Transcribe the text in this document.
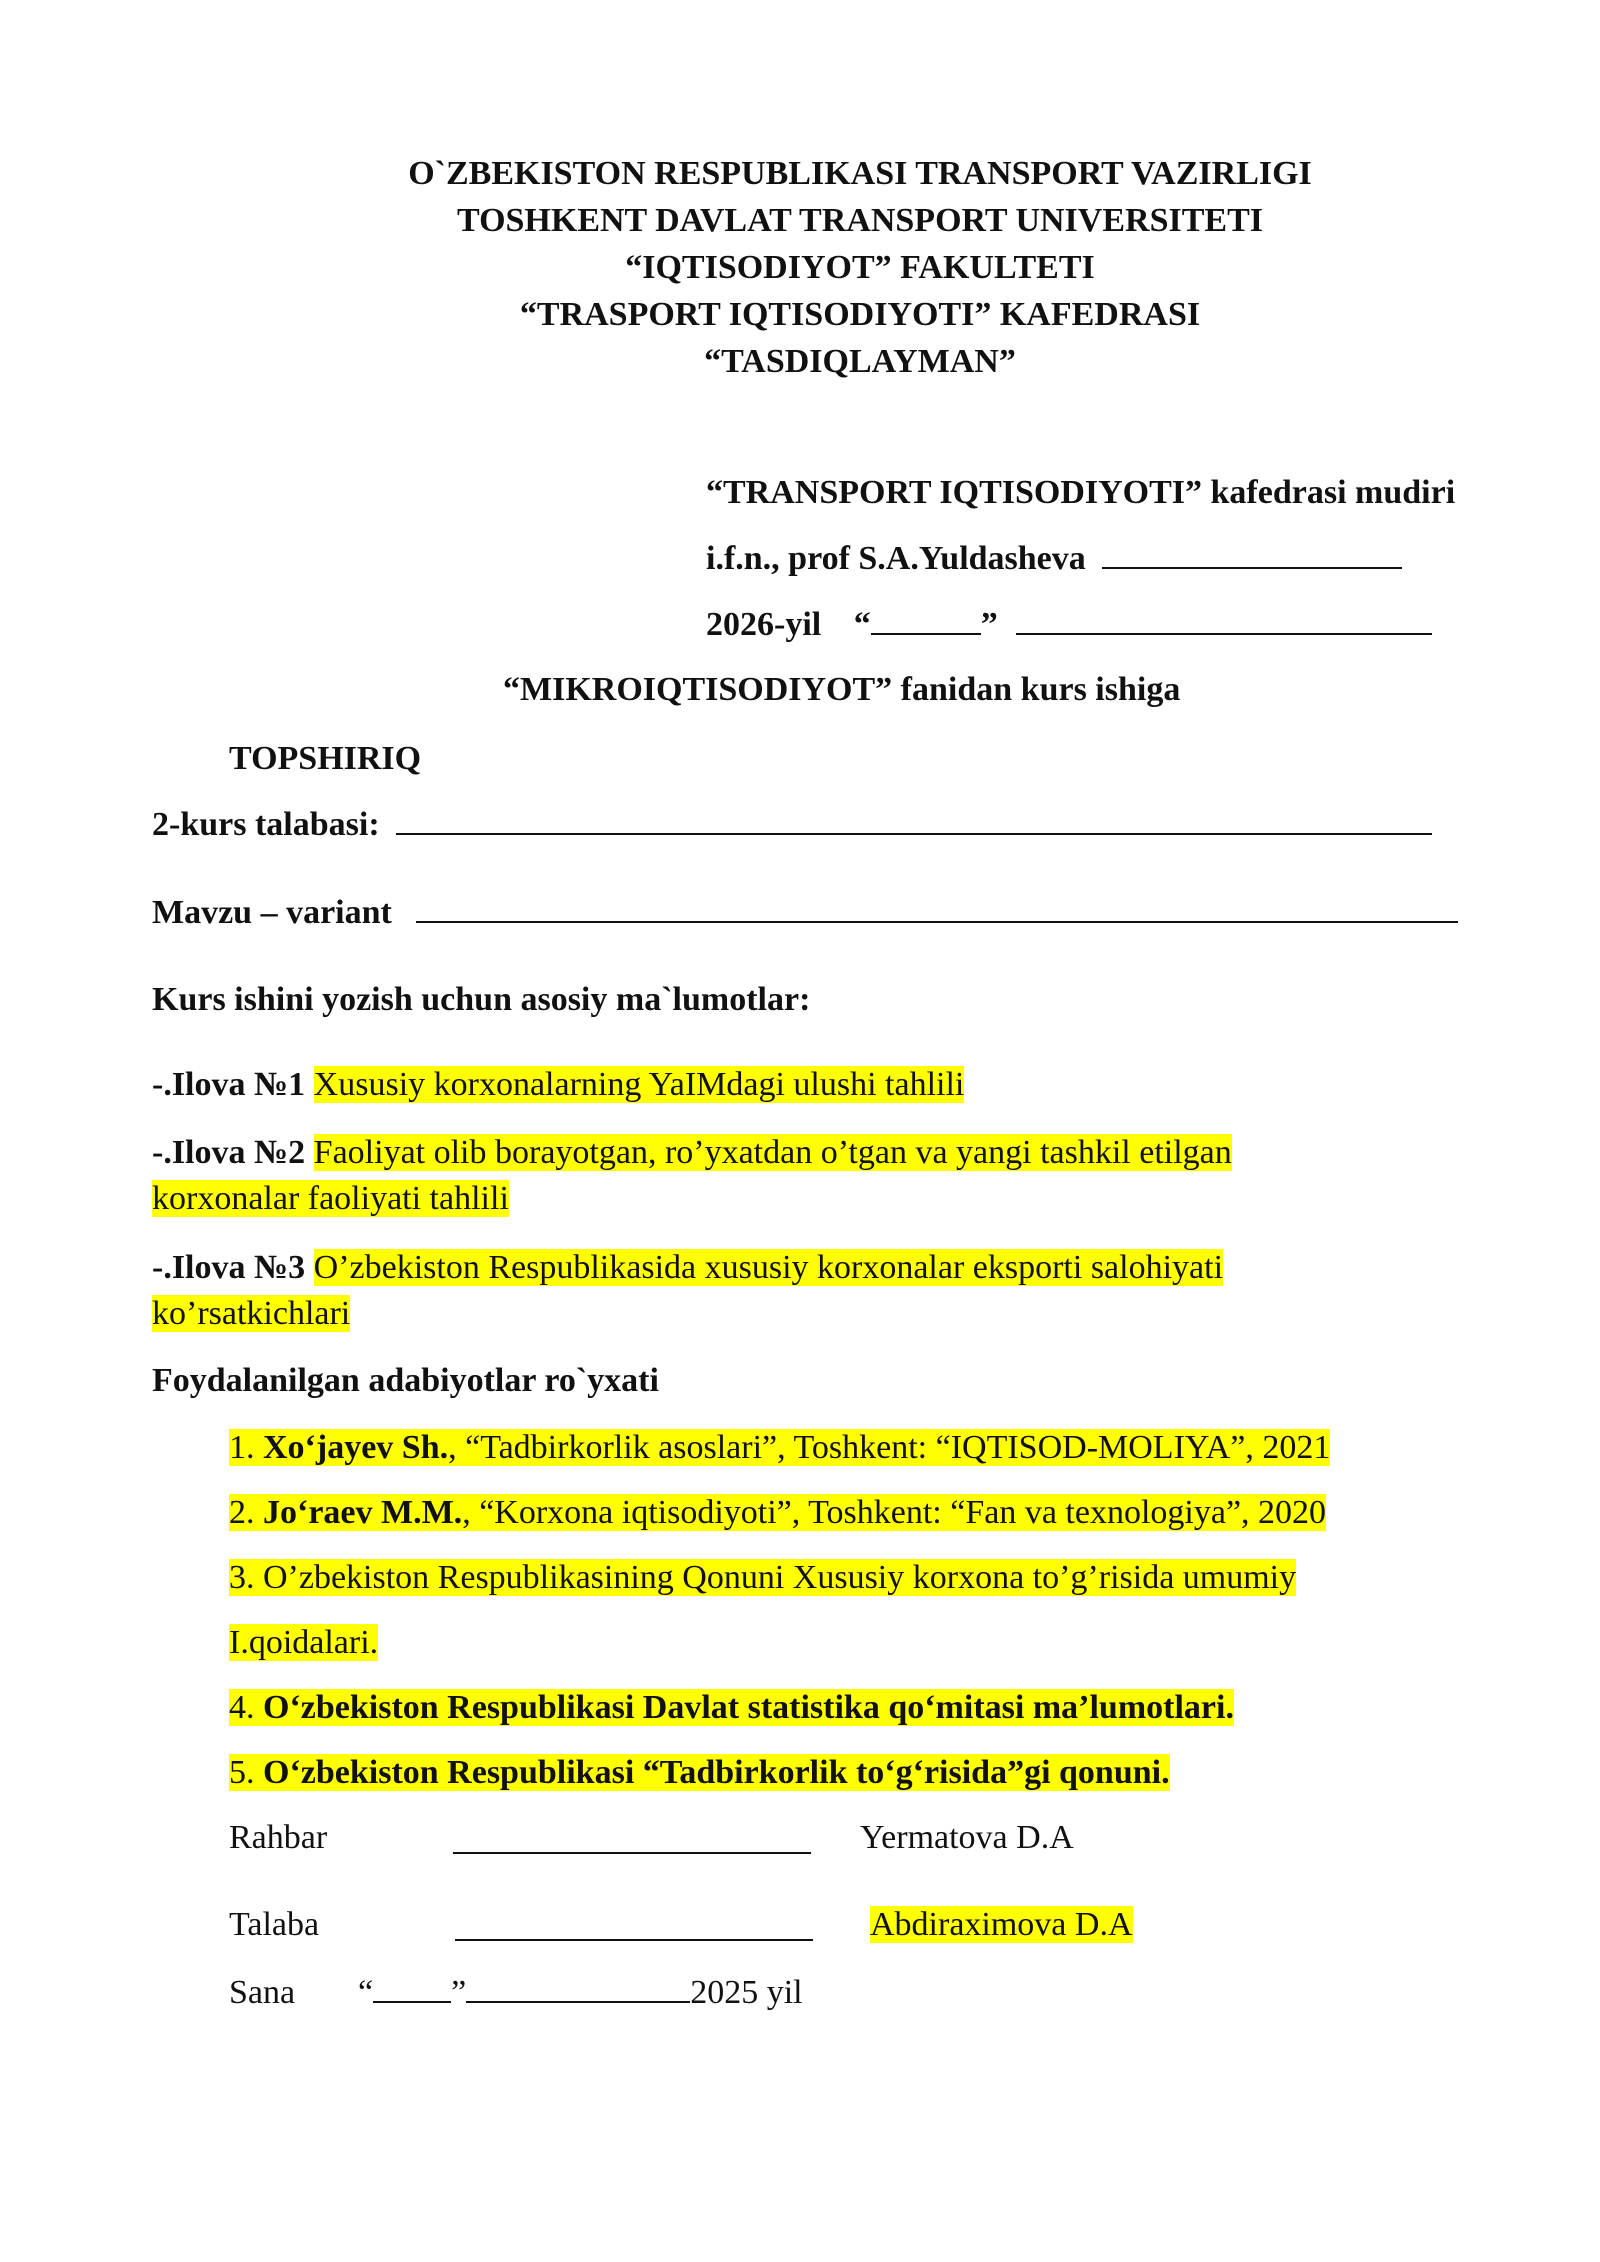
O`ZBEKISTON RESPUBLIKASI TRANSPORT VAZIRLIGI
TOSHKENT DAVLAT TRANSPORT UNIVERSITETI
“IQTISODIYOT” FAKULTETI
“TRASPORT IQTISODIYOTI” KAFEDRASI
“TASDIQLAYMAN”
“TRANSPORT IQTISODIYOTI” kafedrasi mudiri
i.f.n., prof S.A.Yuldasheva
2026-yil “	”
“MIKROIQTISODIYOT” fanidan kurs ishiga
TOPSHIRIQ
2-kurs talabasi:
Mavzu – variant
Kurs ishini yozish uchun asosiy ma`lumotlar:
-.Ilova №1 Xususiy korxonalarning YaIMdagi ulushi tahlili
-.Ilova №2 Faoliyat olib borayotgan, ro’yxatdan o’tgan va yangi tashkil etilgan
korxonalar faoliyati tahlili
-.Ilova №3 O’zbekiston Respublikasida xususiy korxonalar eksporti salohiyati
ko’rsatkichlari
Foydalanilgan adabiyotlar ro`yxati
1. Xo‘jayev Sh., “Tadbirkorlik asoslari”, Toshkent: “IQTISOD-MOLIYA”, 2021
2. Jo‘raev M.M., “Korxona iqtisodiyoti”, Toshkent: “Fan va texnologiya”, 2020
3. O’zbekiston Respublikasining Qonuni Xususiy korxona to’g’risida umumiy
I.qoidalari.
4. O‘zbekiston Respublikasi Davlat statistika qo‘mitasi ma’lumotlari.
5. O‘zbekiston Respublikasi “Tadbirkorlik to‘g‘risida”gi qonuni.
Rahbar	Yermatova D.A
Talaba	Abdiraximova D.A
Sana “ ”	2025 yil
